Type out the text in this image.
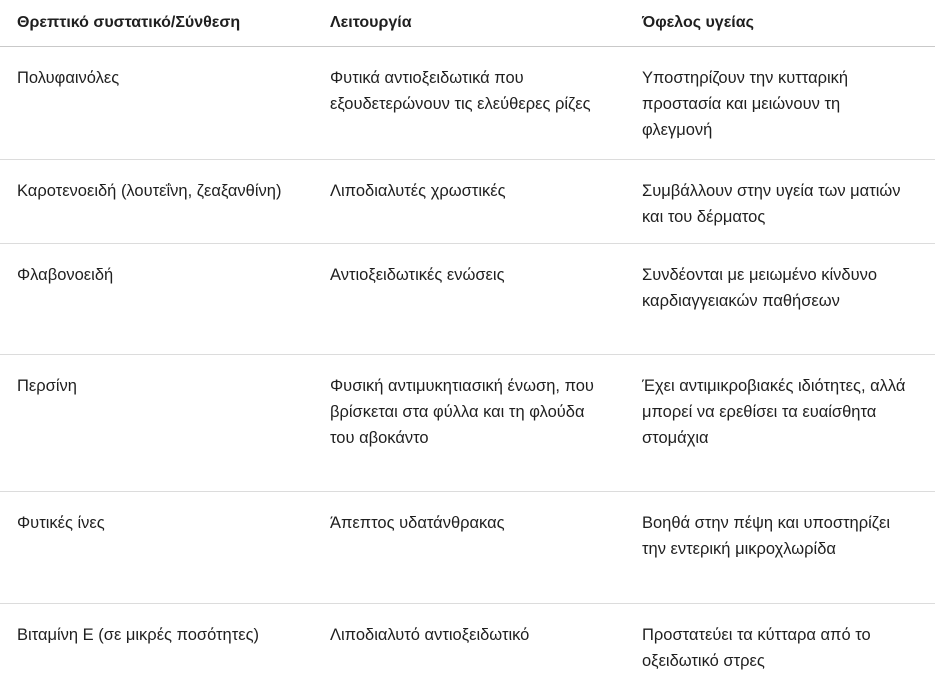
Θρεπτικό συστατικό/Σύνθεση	Λειτουργία	Όφελος υγείας

Πολυφαινόλες	Φυτικά αντιοξειδωτικά που εξουδετερώνουν τις ελεύθερες ρίζες	Υποστηρίζουν την κυτταρική προστασία και μειώνουν τη φλεγμονή

Καροτενοειδή (λουτεΐνη, ζεαξανθίνη)	Λιποδιαλυτές χρωστικές	Συμβάλλουν στην υγεία των ματιών και του δέρματος

Φλαβονοειδή	Αντιοξειδωτικές ενώσεις	Συνδέονται με μειωμένο κίνδυνο καρδιαγγειακών παθήσεων

Περσίνη	Φυσική αντιμυκητιασική ένωση, που βρίσκεται στα φύλλα και τη φλούδα του αβοκάντο	Έχει αντιμικροβιακές ιδιότητες, αλλά μπορεί να ερεθίσει τα ευαίσθητα στομάχια

Φυτικές ίνες	Άπεπτος υδατάνθρακας	Βοηθά στην πέψη και υποστηρίζει την εντερική μικροχλωρίδα

Βιταμίνη Ε (σε μικρές ποσότητες)	Λιποδιαλυτό αντιοξειδωτικό	Προστατεύει τα κύτταρα από το οξειδωτικό στρες
